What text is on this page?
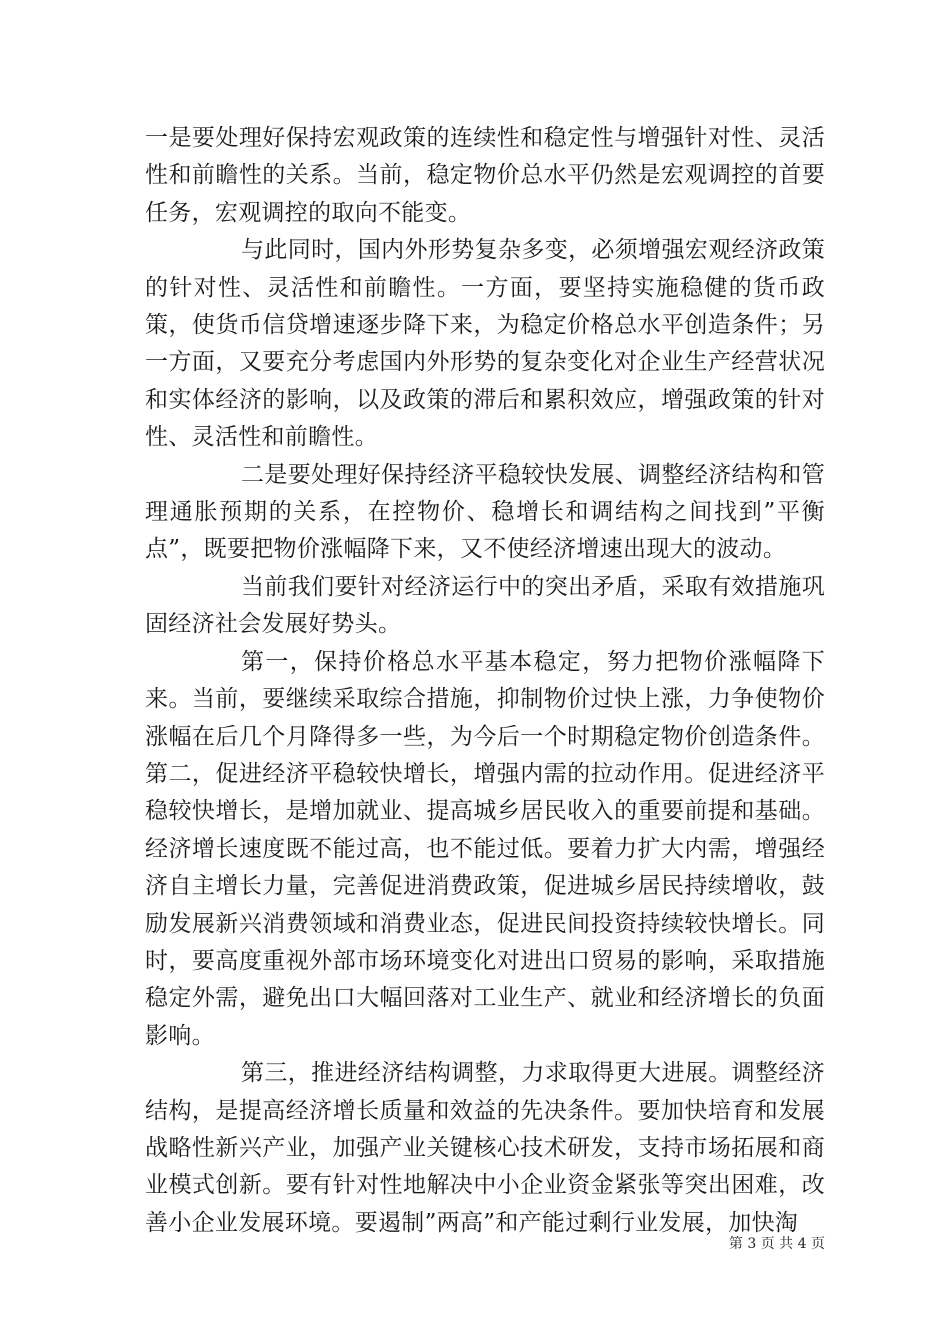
一是要处理好保持宏观政策的连续性和稳定性与增强针对性、灵活性和前瞻性的关系。当前，稳定物价总水平仍然是宏观调控的首要任务，宏观调控的取向不能变。

与此同时，国内外形势复杂多变，必须增强宏观经济政策的针对性、灵活性和前瞻性。一方面，要坚持实施稳健的货币政策，使货币信贷增速逐步降下来，为稳定价格总水平创造条件；另一方面，又要充分考虑国内外形势的复杂变化对企业生产经营状况和实体经济的影响，以及政策的滞后和累积效应，增强政策的针对性、灵活性和前瞻性。

二是要处理好保持经济平稳较快发展、调整经济结构和管理通胀预期的关系，在控物价、稳增长和调结构之间找到”平衡点”，既要把物价涨幅降下来，又不使经济增速出现大的波动。

当前我们要针对经济运行中的突出矛盾，采取有效措施巩固经济社会发展好势头。

第一，保持价格总水平基本稳定，努力把物价涨幅降下来。当前，要继续采取综合措施，抑制物价过快上涨，力争使物价涨幅在后几个月降得多一些，为今后一个时期稳定物价创造条件。第二，促进经济平稳较快增长，增强内需的拉动作用。促进经济平稳较快增长，是增加就业、提高城乡居民收入的重要前提和基础。经济增长速度既不能过高，也不能过低。要着力扩大内需，增强经济自主增长力量，完善促进消费政策，促进城乡居民持续增收，鼓励发展新兴消费领域和消费业态，促进民间投资持续较快增长。同时，要高度重视外部市场环境变化对进出口贸易的影响，采取措施稳定外需，避免出口大幅回落对工业生产、就业和经济增长的负面影响。

第三，推进经济结构调整，力求取得更大进展。调整经济结构，是提高经济增长质量和效益的先决条件。要加快培育和发展战略性新兴产业，加强产业关键核心技术研发，支持市场拓展和商业模式创新。要有针对性地解决中小企业资金紧张等突出困难，改善小企业发展环境。要遏制”两高”和产能过剩行业发展，加快淘

第 3 页 共 4 页
